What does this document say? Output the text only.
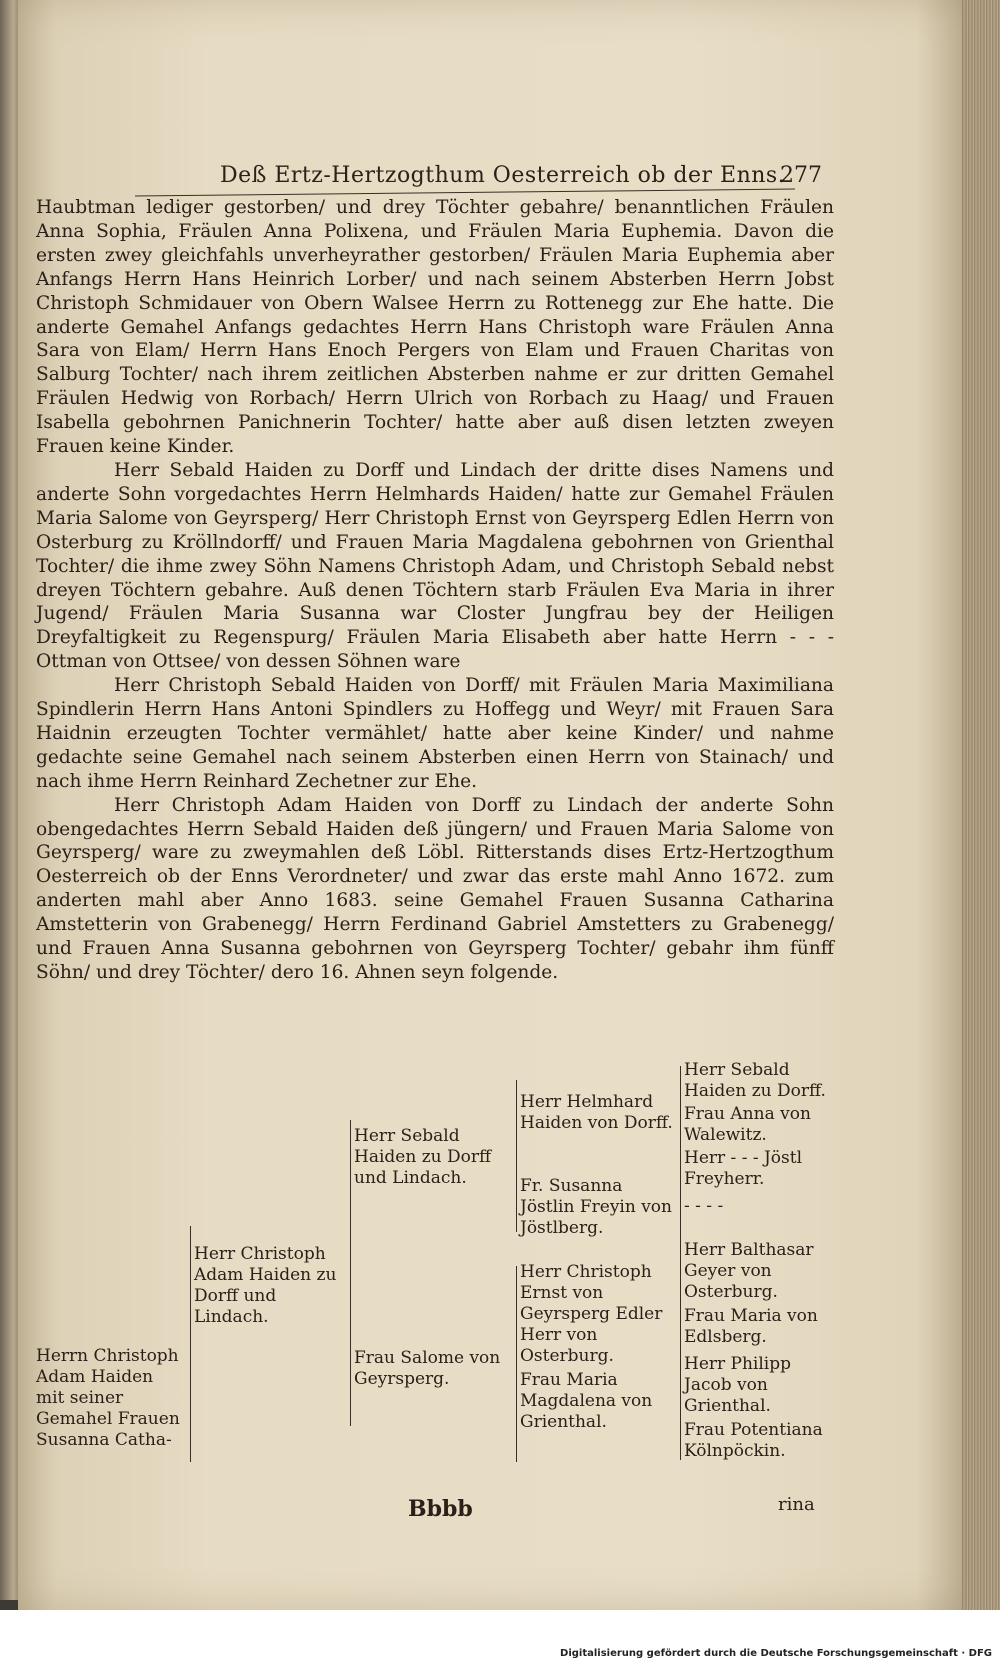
Deß Ertz-Hertzogthum Oesterreich ob der Enns.
277

Haubtman lediger gestorben/ und drey Töchter gebahre/ benanntlichen Fräulen Anna Sophia, Fräulen Anna Polixena, und Fräulen Maria Euphemia. Davon die ersten zwey gleichfahls unverheyrather gestorben/ Fräulen Maria Euphemia aber Anfangs Herrn Hans Heinrich Lorber/ und nach seinem Absterben Herrn Jobst Christoph Schmidauer von Obern Walsee Herrn zu Rottenegg zur Ehe hatte. Die anderte Gemahel Anfangs gedachtes Herrn Hans Christoph ware Fräulen Anna Sara von Elam/ Herrn Hans Enoch Pergers von Elam und Frauen Charitas von Salburg Tochter/ nach ihrem zeitlichen Absterben nahme er zur dritten Gemahel Fräulen Hedwig von Rorbach/ Herrn Ulrich von Rorbach zu Haag/ und Frauen Isabella gebohrnen Panichnerin Tochter/ hatte aber auß disen letzten zweyen Frauen keine Kinder.

Herr Sebald Haiden zu Dorff und Lindach der dritte dises Namens und anderte Sohn vorgedachtes Herrn Helmhards Haiden/ hatte zur Gemahel Fräulen Maria Salome von Geyrsperg/ Herr Christoph Ernst von Geyrsperg Edlen Herrn von Osterburg zu Kröllndorff/ und Frauen Maria Magdalena gebohrnen von Grienthal Tochter/ die ihme zwey Söhn Namens Christoph Adam, und Christoph Sebald nebst dreyen Töchtern gebahre. Auß denen Töchtern starb Fräulen Eva Maria in ihrer Jugend/ Fräulen Maria Susanna war Closter Jungfrau bey der Heiligen Dreyfaltigkeit zu Regenspurg/ Fräulen Maria Elisabeth aber hatte Herrn - - - Ottman von Ottsee/ von dessen Söhnen ware

Herr Christoph Sebald Haiden von Dorff/ mit Fräulen Maria Maximiliana Spindlerin Herrn Hans Antoni Spindlers zu Hoffegg und Weyr/ mit Frauen Sara Haidnin erzeugten Tochter vermählet/ hatte aber keine Kinder/ und nahme gedachte seine Gemahel nach seinem Absterben einen Herrn von Stainach/ und nach ihme Herrn Reinhard Zechetner zur Ehe.

Herr Christoph Adam Haiden von Dorff zu Lindach der anderte Sohn obengedachtes Herrn Sebald Haiden deß jüngern/ und Frauen Maria Salome von Geyrsperg/ ware zu zweymahlen deß Löbl. Ritterstands dises Ertz-Hertzogthum Oesterreich ob der Enns Verordneter/ und zwar das erste mahl Anno 1672. zum anderten mahl aber Anno 1683. seine Gemahel Frauen Susanna Catharina Amstetterin von Grabenegg/ Herrn Ferdinand Gabriel Amstetters zu Grabenegg/ und Frauen Anna Susanna gebohrnen von Geyrsperg Tochter/ gebahr ihm fünff Söhn/ und drey Töchter/ dero 16. Ahnen seyn folgende.

Herrn Christoph Adam Haiden mit seiner Gemahel Frauen Susanna Catha-
Herr Christoph Adam Haiden zu Dorff und Lindach.
Herr Sebald Haiden zu Dorff und Lindach.
Frau Salome von Geyrsperg.
Herr Helmhard Haiden von Dorff.
Fr. Susanna Jöstlin Freyin von Jöstlberg.
Herr Christoph Ernst von Geyrsperg Edler Herr von Osterburg.
Frau Maria Magdalena von Grienthal.
Herr Sebald Haiden zu Dorff.
Frau Anna von Walewitz.
Herr - - - Jöstl Freyherr.
- - - -
Herr Balthasar Geyer von Osterburg.
Frau Maria von Edlsberg.
Herr Philipp Jacob von Grienthal.
Frau Potentiana Kölnpöckin.
Bbbb	rina
Digitalisierung gefördert durch die Deutsche Forschungsgemeinschaft · DFG
